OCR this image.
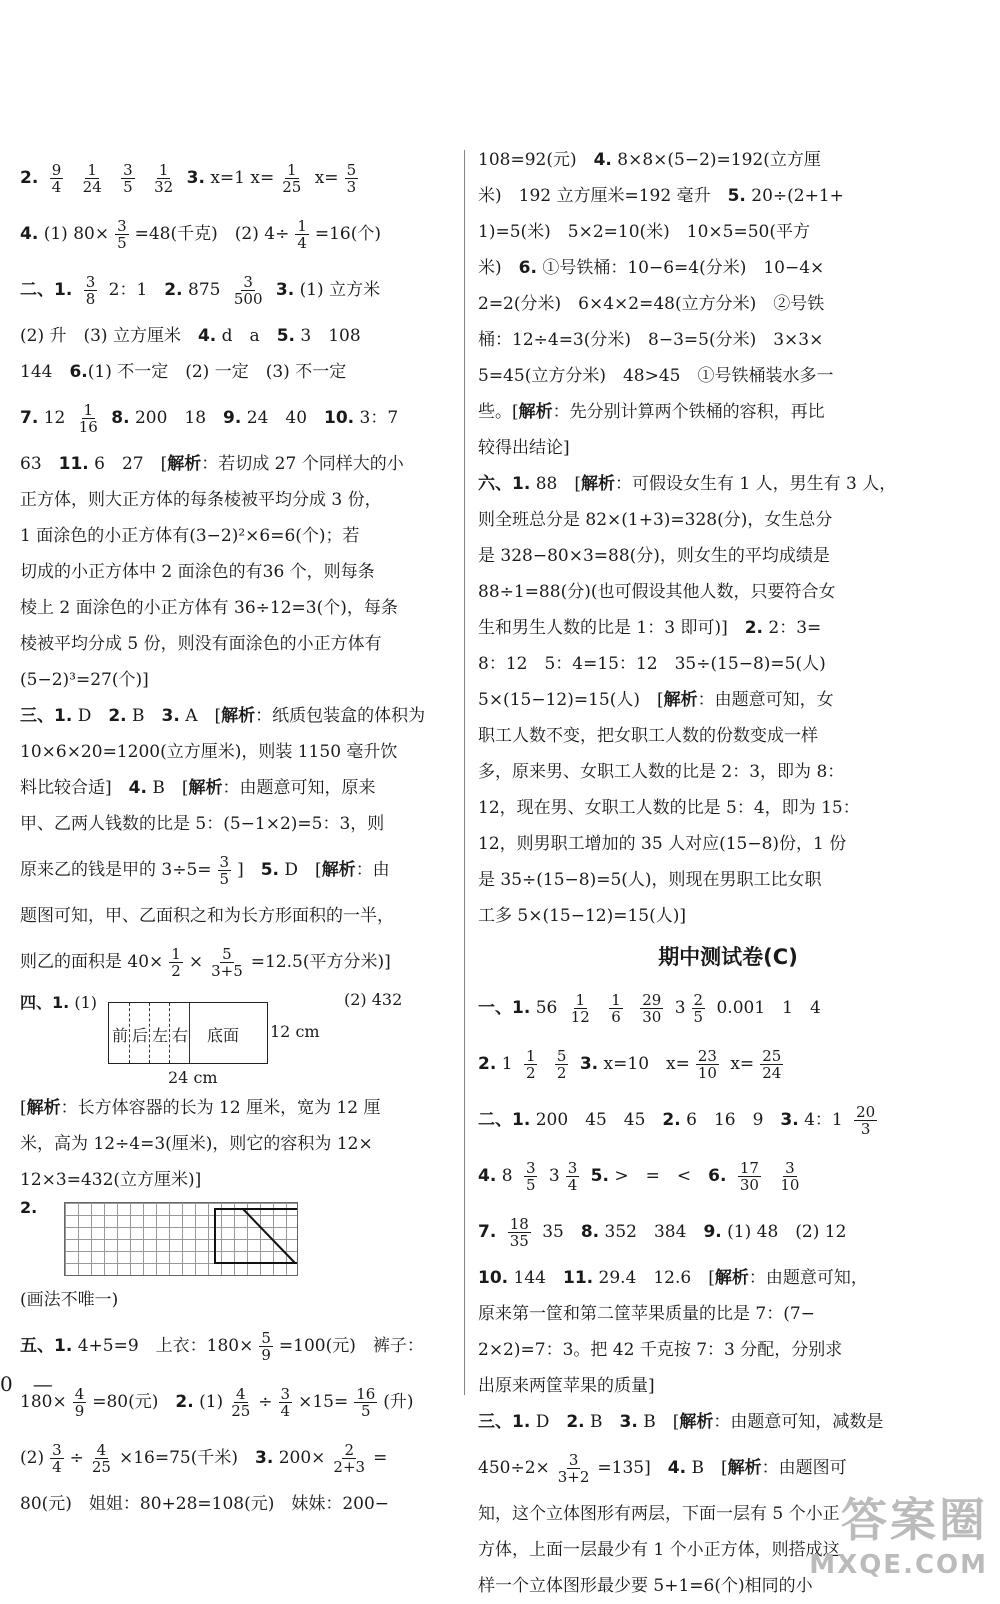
2. $\frac{9}{4}$
$\frac{1}{24}$
$\frac{3}{5}$
$\frac{1}{32} 3$. x=1 $x= \frac{1}{25} x= \frac{5}{3}$
4. (1) $80\times \frac{3}{5} =48$(千克)　(2) $4\div \frac{1}{4} =16$(个)
二、1. $\frac{3}{8} 2$：1　 2. $875 \frac{3}{500} 3$. (1) 立方米
(2) 升　(3) 立方厘米　4. d　a　5. 3　108
144　6.(1) 不一定　(2) 一定　(3) 不一定
7. $12 \frac{1}{16} 8$. 200　18　9. 24　40　10. 3：7
63　11. 6　27　[解析：若切成 27 个同样大的小
正方体，则大正方体的每条棱被平均分成 3 份，
1 面涂色的小正方体有(3−2)²×6=6(个)；若
切成的小正方体中 2 面涂色的有36 个，则每条
棱上 2 面涂色的小正方体有 36÷12=3(个)，每条
棱被平均分成 5 份，则没有面涂色的小正方体有
(5−2)³=27(个)]
三、1. D　2. B　3. A　[解析：纸质包装盒的体积为
10×6×20=1200(立方厘米)，则装 1150 毫升饮
料比较合适]　4. B　[解析：由题意可知，原来
甲、乙两人钱数的比是 5：(5−1×2)=5：3，则
原来乙的钱是甲的 $3\div 5= \frac{3}{5}$ ]　5. D　[解析：由
题图可知，甲、乙面积之和为长方形面积的一半，
则乙的面积是 $40\times \frac{1}{2} \times \frac{5}{3+5} =12.5$(平方分米)]
四、1. (1)	(2) 432
前 后 左 右 底面 12 cm
24 cm
[解析：长方体容器的长为 12 厘米，宽为 12 厘
米，高为 12÷4=3(厘米)，则它的容积为 12×
12×3=432(立方厘米)]
2.
(画法不唯一)
五、1. 4+5=9　上衣：$180\times \frac{5}{9} =100$(元)　裤子：
$180\times \frac{4}{9} =80$(元)　2. $(1) \frac{4}{25} \div \frac{3}{4} \times 15= \frac{16}{5}$ (升)
$(2) \frac{3}{4} \div \frac{4}{25} \times 16=75$(千米)　3. $200\times \frac{2}{2+3}$ =
80(元)　姐姐：80+28=108(元)　妹妹：200−
0　—
108=92(元)　4. 8×8×(5−2)=192(立方厘
米)　192 立方厘米=192 毫升　5. 20÷(2+1+
1)=5(米)　5×2=10(米)　10×5=50(平方
米)　6. ①号铁桶：10−6=4(分米)　10−4×
2=2(分米)　6×4×2=48(立方分米)　②号铁
桶：12÷4=3(分米)　8−3=5(分米)　3×3×
5=45(立方分米)　48>45　①号铁桶装水多一
些。[解析：先分别计算两个铁桶的容积，再比
较得出结论]
六、1. 88　[解析：可假设女生有 1 人，男生有 3 人，
则全班总分是 82×(1+3)=328(分)，女生总分
是 328−80×3=88(分)，则女生的平均成绩是
88÷1=88(分)(也可假设其他人数，只要符合女
生和男生人数的比是 1：3 即可)]　2. 2：3=
8：12　5：4=15：12　35÷(15−8)=5(人)
5×(15−12)=15(人)　[解析：由题意可知，女
职工人数不变，把女职工人数的份数变成一样
多，原来男、女职工人数的比是 2：3，即为 8：
12，现在男、女职工人数的比是 5：4，即为 15：
12，则男职工增加的 35 人对应(15−8)份，1 份
是 35÷(15−8)=5(人)，则现在男职工比女职
工多 5×(15−12)=15(人)]
期中测试卷(C)
一、1. $56 \frac{1}{12}$
$\frac{1}{6}$
$\frac{29}{30} 3 \frac{2}{5} 0.001$　1　4
2. $1 \frac{1}{2}$
$\frac{5}{2} 3$. x=10　$x= \frac{23}{10} x= \frac{25}{24}$
二、1. 200　45　45　2. 6　16　9　3. 4：$1 \frac{20}{3}$
4. $8 \frac{3}{5} 3 \frac{3}{4} 5$. >　=　<　6. $\frac{17}{30}$
$\frac{3}{10}$
7. $\frac{18}{35} 35$　8. 352　384　9. (1) 48　(2) 12
10. 144　11. 29.4　12.6　[解析：由题意可知，
原来第一筐和第二筐苹果质量的比是 7：(7−
2×2)=7：3。把 42 千克按 7：3 分配，分别求
出原来两筐苹果的质量]
三、1. D　2. B　3. B　[解析：由题意可知，减数是
$450\div 2\times \frac{3}{3+2} =135$]　4. B　[解析：由题图可
知，这个立体图形有两层，下面一层有 5 个小正
方体，上面一层最少有 1 个小正方体，则搭成这
样一个立体图形最少要 5+1=6(个)相同的小
答案圈
MXQE.COM
